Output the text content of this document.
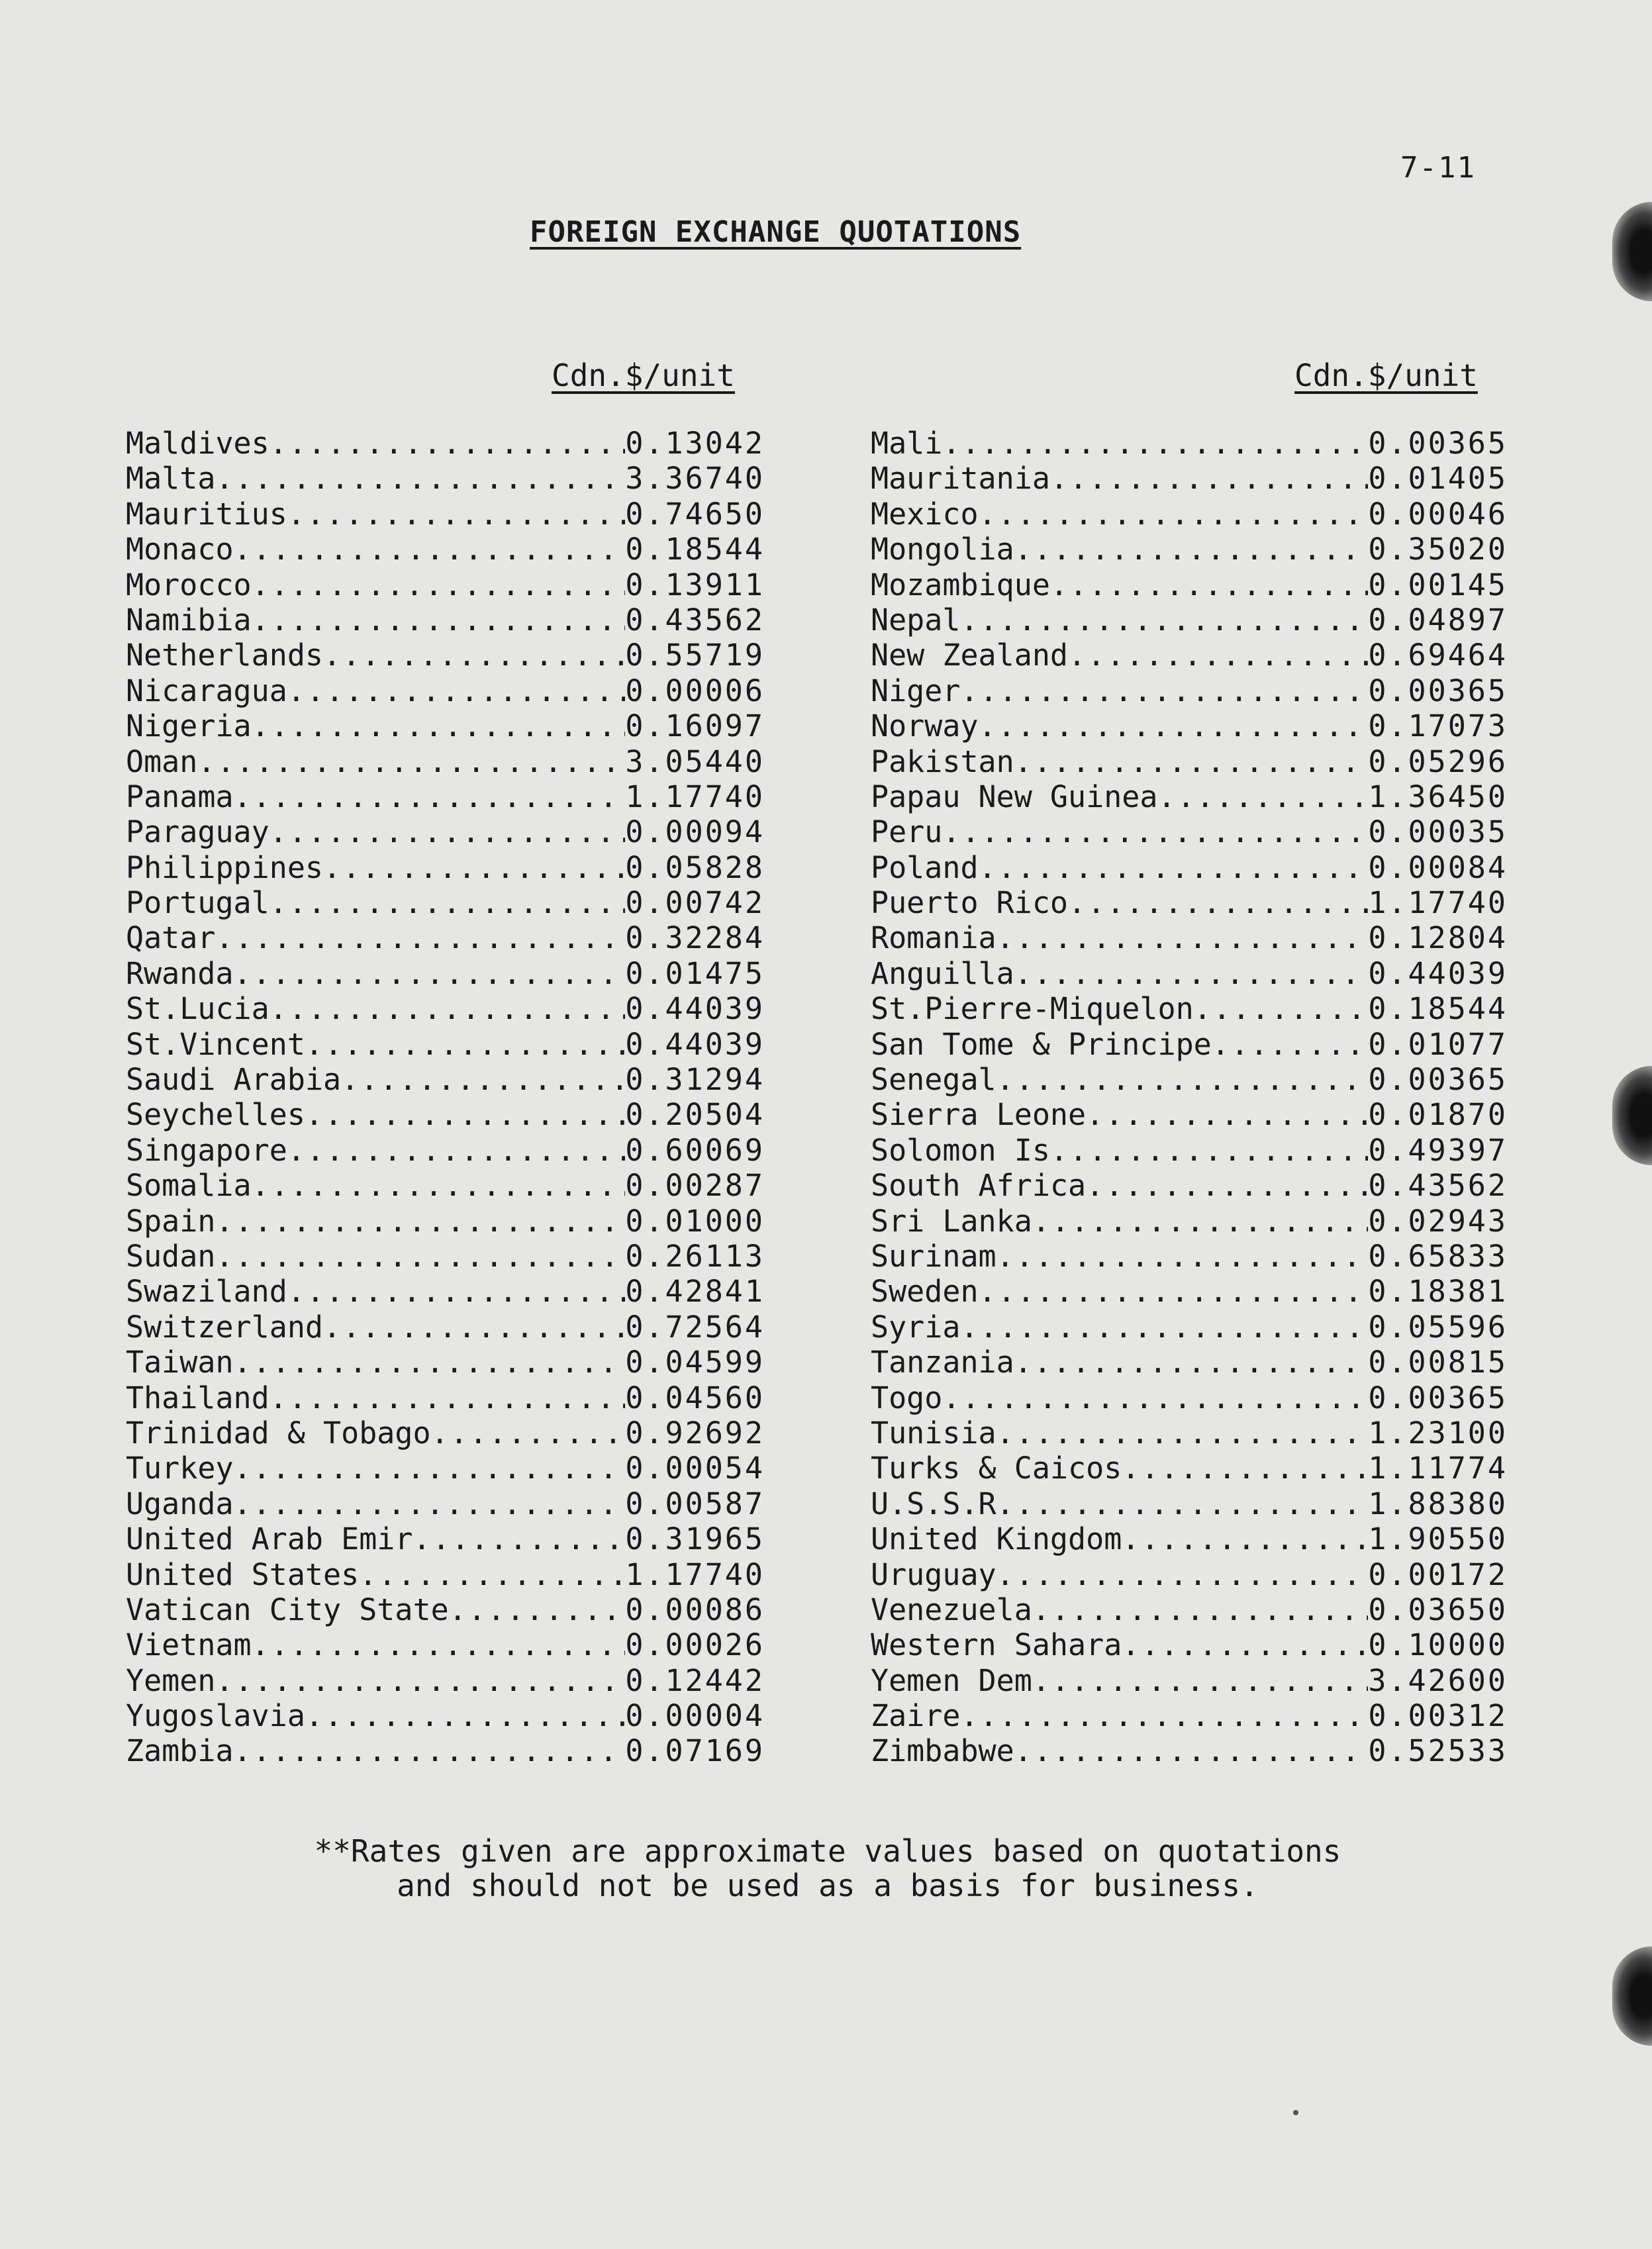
7-11
FOREIGN EXCHANGE QUOTATIONS
Cdn.$/unit	Cdn.$/unit
Maldives .....	0.13042
Malta .....	3.36740
Mauritius .....	0.74650
Monaco .....	0.18544
Morocco .....	0.13911
Namibia .....	0.43562
Netherlands .....	0.55719
Nicaragua .....	0.00006
Nigeria .....	0.16097
Oman .....	3.05440
Panama .....	1.17740
Paraguay .....	0.00094
Philippines .....	0.05828
Portugal .....	0.00742
Qatar .....	0.32284
Rwanda .....	0.01475
St.Lucia .....	0.44039
St.Vincent .....	0.44039
Saudi Arabia .....	0.31294
Seychelles .....	0.20504
Singapore .....	0.60069
Somalia .....	0.00287
Spain .....	0.01000
Sudan .....	0.26113
Swaziland .....	0.42841
Switzerland .....	0.72564
Taiwan .....	0.04599
Thailand .....	0.04560
Trinidad & Tobago .....	0.92692
Turkey .....	0.00054
Uganda .....	0.00587
United Arab Emir .....	0.31965
United States .....	1.17740
Vatican City State .....	0.00086
Vietnam .....	0.00026
Yemen .....	0.12442
Yugoslavia .....	0.00004
Zambia .....	0.07169
Mali .....	0.00365
Mauritania .....	0.01405
Mexico .....	0.00046
Mongolia .....	0.35020
Mozambique .....	0.00145
Nepal .....	0.04897
New Zealand .....	0.69464
Niger .....	0.00365
Norway .....	0.17073
Pakistan .....	0.05296
Papau New Guinea .....	1.36450
Peru .....	0.00035
Poland .....	0.00084
Puerto Rico .....	1.17740
Romania .....	0.12804
Anguilla .....	0.44039
St.Pierre-Miquelon .....	0.18544
San Tome & Principe .....	0.01077
Senegal .....	0.00365
Sierra Leone .....	0.01870
Solomon Is .....	0.49397
South Africa .....	0.43562
Sri Lanka .....	0.02943
Surinam .....	0.65833
Sweden .....	0.18381
Syria .....	0.05596
Tanzania .....	0.00815
Togo .....	0.00365
Tunisia .....	1.23100
Turks & Caicos .....	1.11774
U.S.S.R .....	1.88380
United Kingdom .....	1.90550
Uruguay .....	0.00172
Venezuela .....	0.03650
Western Sahara .....	0.10000
Yemen Dem .....	3.42600
Zaire .....	0.00312
Zimbabwe .....	0.52533
**Rates given are approximate values based on quotations
and should not be used as a basis for business.
